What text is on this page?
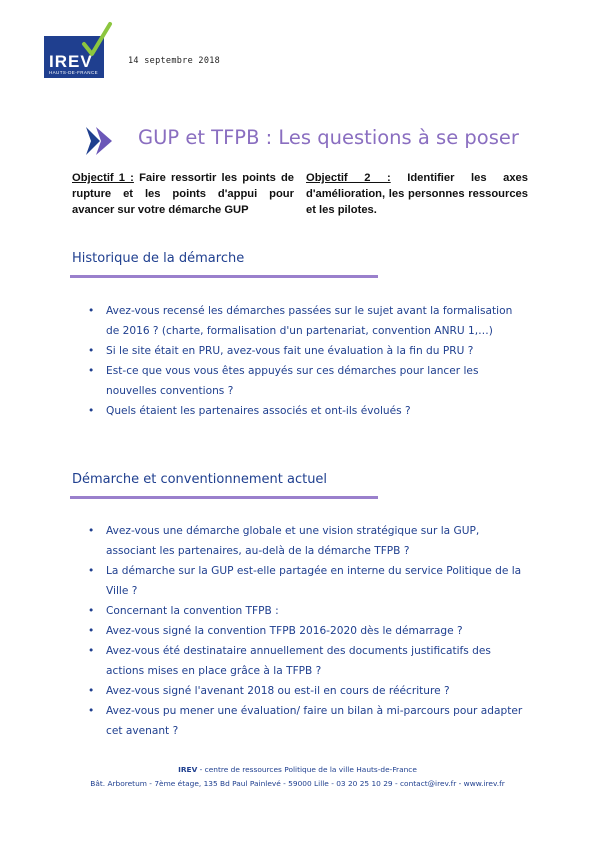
IREV
HAUTS-DE-FRANCE
14 septembre 2018
GUP et TFPB : Les questions à se poser
Objectif 1 : Faire ressortir les points de rupture et les points d'appui pour avancer sur votre démarche GUP
Objectif 2 : Identifier les axes d'amélioration, les personnes ressources et les pilotes.
Historique de la démarche
• Avez-vous recensé les démarches passées sur le sujet avant la formalisation de 2016 ? (charte, formalisation d'un partenariat, convention ANRU 1,…)
• Si le site était en PRU, avez-vous fait une évaluation à la fin du PRU ?
• Est-ce que vous vous êtes appuyés sur ces démarches pour lancer les nouvelles conventions ?
• Quels étaient les partenaires associés et ont-ils évolués ?
Démarche et conventionnement actuel
• Avez-vous une démarche globale et une vision stratégique sur la GUP, associant les partenaires, au-delà de la démarche TFPB ?
• La démarche sur la GUP est-elle partagée en interne du service Politique de la Ville ?
• Concernant la convention TFPB :
• Avez-vous signé la convention TFPB 2016-2020 dès le démarrage ?
• Avez-vous été destinataire annuellement des documents justificatifs des actions mises en place grâce à la TFPB ?
• Avez-vous signé l'avenant 2018 ou est-il en cours de réécriture ?
• Avez-vous pu mener une évaluation/ faire un bilan à mi-parcours pour adapter cet avenant ?
IREV - centre de ressources Politique de la ville Hauts-de-France
Bât. Arboretum - 7ème étage, 135 Bd Paul Painlevé - 59000 Lille - 03 20 25 10 29 - contact@irev.fr - www.irev.fr
